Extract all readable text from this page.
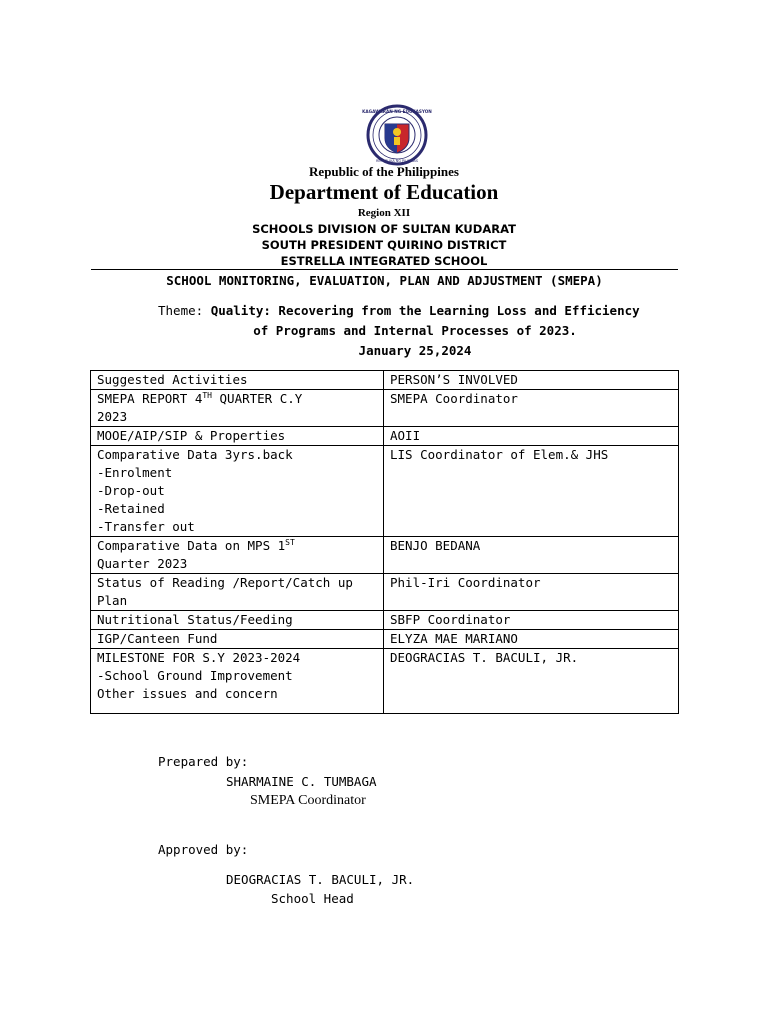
KAGAWARAN NG EDUKASYON
REPUBLIKA NG PILIPINAS
Republic of the Philippines
Department of Education
Region XII
SCHOOLS DIVISION OF SULTAN KUDARAT
SOUTH PRESIDENT QUIRINO DISTRICT
ESTRELLA INTEGRATED SCHOOL
SCHOOL MONITORING, EVALUATION, PLAN AND ADJUSTMENT (SMEPA)
Theme: Quality: Recovering from the Learning Loss and Efficiency
of Programs and Internal Processes of 2023.
January 25,2024
Suggested Activities	PERSON’S INVOLVED

SMEPA REPORT 4TH QUARTER C.Y
2023	SMEPA Coordinator

MOOE/AIP/SIP & Properties	AOII

Comparative Data 3yrs.back
-Enrolment
-Drop-out
-Retained
-Transfer out	LIS Coordinator of Elem.& JHS

Comparative Data on MPS 1ST
Quarter 2023	BENJO BEDANA

Status of Reading /Report/Catch up
Plan	Phil-Iri Coordinator

Nutritional Status/Feeding	SBFP Coordinator

IGP/Canteen Fund	ELYZA MAE MARIANO

MILESTONE FOR S.Y 2023-2024
-School Ground Improvement
Other issues and concern	DEOGRACIAS T. BACULI, JR.
Prepared by:
SHARMAINE C. TUMBAGA
SMEPA Coordinator
Approved by:
DEOGRACIAS T. BACULI, JR.
School Head
